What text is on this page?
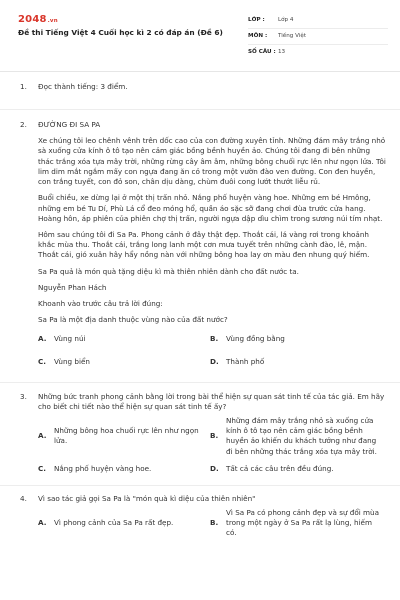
2048.vn
Đề thi Tiếng Việt 4 Cuối học kì 2 có đáp án (Đề 6)
LỚP :	Lớp 4
MÔN :	Tiếng Việt
SỐ CÂU : 13
1.	Đọc thành tiếng: 3 điểm.
2.	ĐƯỜNG ĐI SA PA

Xe chúng tôi leo chênh vênh trên dốc cao của con đường xuyên tỉnh. Những đám mây trắng nhỏ sà xuống cửa kính ô tô tạo nên cảm giác bồng bềnh huyền ảo. Chúng tôi đang đi bên những thác trắng xóa tựa mây trời, những rừng cây âm âm, những bông chuối rực lên như ngọn lửa. Tôi lim dim mắt ngắm mấy con ngựa đang ăn cỏ trong một vườn đào ven đường. Con đen huyền, con trắng tuyết, con đỏ son, chân dịu dàng, chùm đuôi cong lướt thướt liễu rủ.

Buổi chiều, xe dừng lại ở một thị trấn nhỏ. Nắng phố huyện vàng hoe. Những em bé Hmông, những em bé Tu Dí, Phù Lá cổ đeo móng hổ, quần áo sặc sỡ đang chơi đùa trước cửa hang. Hoàng hôn, áp phiên của phiên chợ thị trấn, người ngựa dập dìu chìm trong sương núi tím nhạt.

Hôm sau chúng tôi đi Sa Pa. Phong cảnh ở đây thật đẹp. Thoắt cái, lá vàng rơi trong khoảnh khắc mùa thu. Thoắt cái, trắng long lanh một cơn mưa tuyết trên những cành đào, lê, mận. Thoắt cái, gió xuân hây hẩy nồng nàn với những bông hoa lay ơn màu đen nhung quý hiếm.

Sa Pa quả là món quà tặng diệu kì mà thiên nhiên dành cho đất nước ta.

Nguyễn Phan Hách

Khoanh vào trước câu trả lời đúng:

Sa Pa là một địa danh thuộc vùng nào của đất nước?

A.	Vùng núi	B.	Vùng đồng bằng
C.	Vùng biển	D.	Thành phố
3.	Những bức tranh phong cảnh bằng lời trong bài thể hiện sự quan sát tinh tế của tác giả. Em hãy cho biết chi tiết nào thể hiện sự quan sát tinh tế ấy?
A.
Những bông hoa chuối rực lên như ngọn lửa.
B.
Những đám mây trắng nhỏ sà xuống cửa kính ô tô tạo nên cảm giác bồng bềnh huyền ảo khiến du khách tưởng như đang đi bên những thác trắng xóa tựa mây trời.
C.	Nắng phố huyện vàng hoe.	D.	Tất cả các câu trên đều đúng.
4.	Vì sao tác giả gọi Sa Pa là "món quà kì diệu của thiên nhiên"
A.	Vì phong cảnh của Sa Pa rất đẹp.	B.
Vì Sa Pa có phong cảnh đẹp và sự đổi mùa trong một ngày ở Sa Pa rất lạ lùng, hiếm có.
